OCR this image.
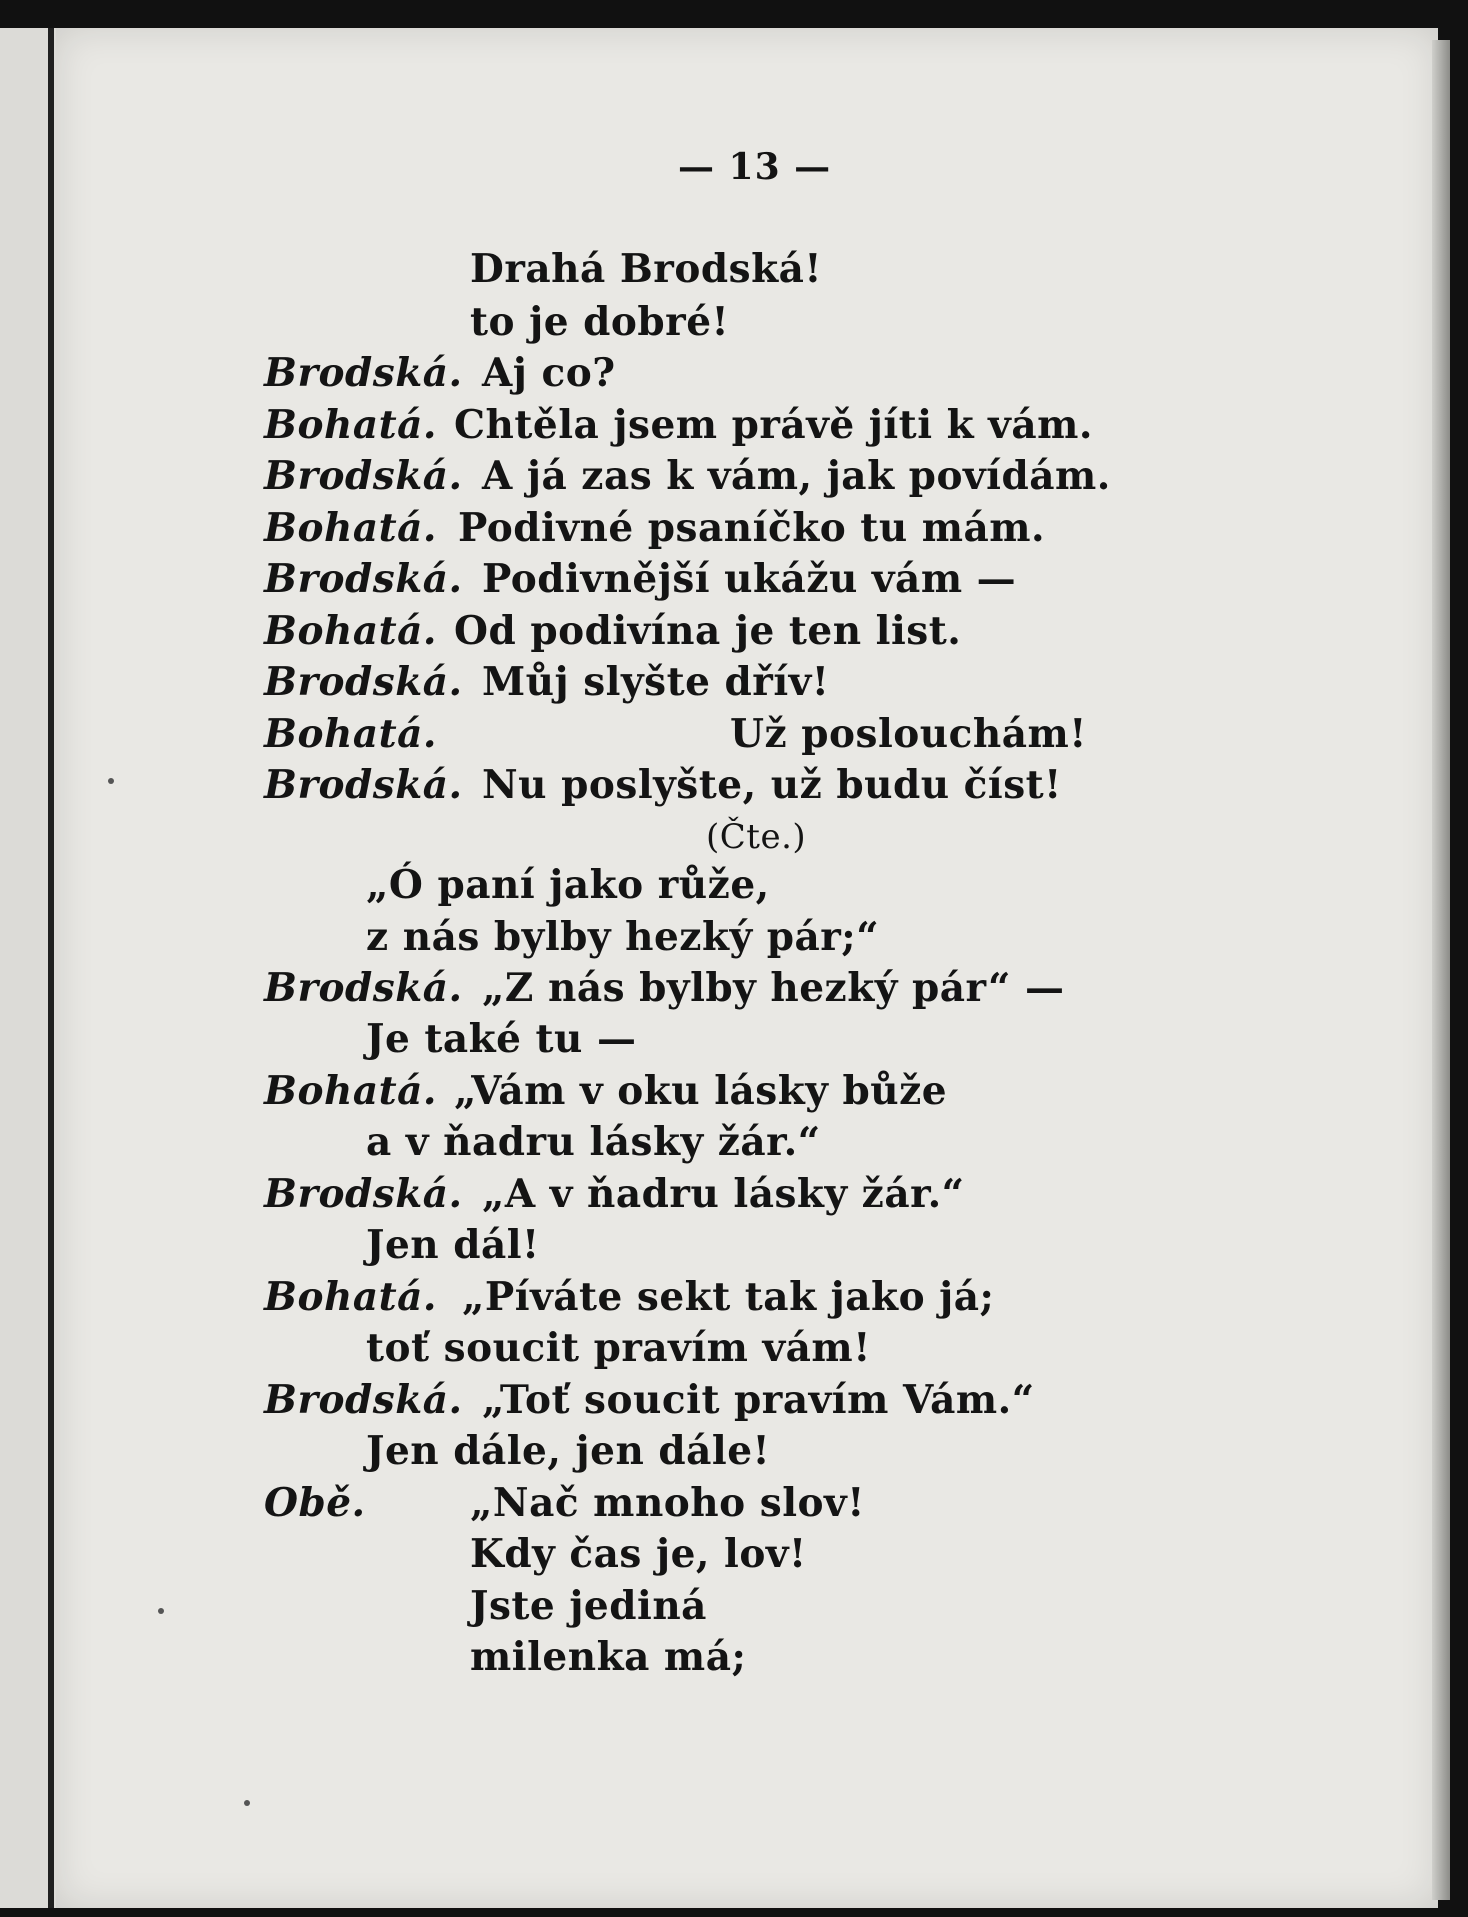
— 13 —
Drahá Brodská!
to je dobré!
Brodská. Aj co?
Bohatá. Chtěla jsem právě jíti k vám.
Brodská. A já zas k vám, jak povídám.
Bohatá. Podivné psaníčko tu mám.
Brodská. Podivnější ukážu vám —
Bohatá. Od podivína je ten list.
Brodská. Můj slyšte dřív!
Bohatá.	Už poslouchám!
Brodská. Nu poslyšte, už budu číst!
(Čte.)
„Ó paní jako růže,
z nás bylby hezký pár;“
Brodská. „Z nás bylby hezký pár“ —
Je také tu —
Bohatá. „Vám v oku lásky bůže
a v ňadru lásky žár.“
Brodská. „A v ňadru lásky žár.“
Jen dál!
Bohatá. „Píváte sekt tak jako já;
toť soucit pravím vám!
Brodská. „Toť soucit pravím Vám.“
Jen dále, jen dále!
Obě.	„Nač mnoho slov!
Kdy čas je, lov!
Jste jediná
milenka má;
